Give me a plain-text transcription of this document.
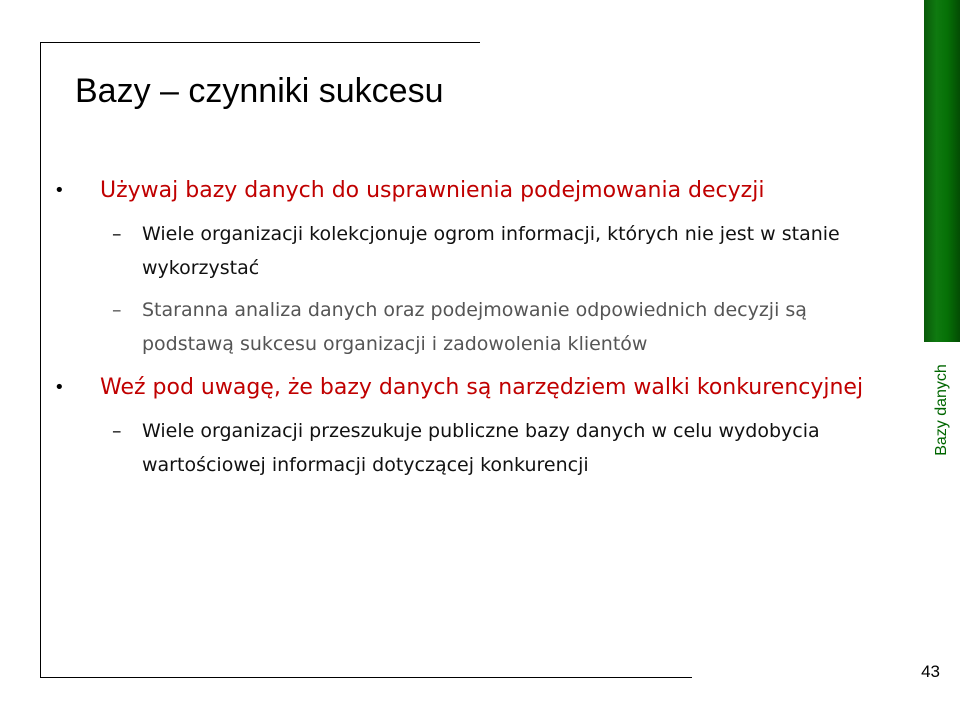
Bazy danych
Bazy – czynniki sukcesu
• Używaj bazy danych do usprawnienia podejmowania decyzji
– Wiele organizacji kolekcjonuje ogrom informacji, których nie jest w stanie wykorzystać
– Staranna analiza danych oraz podejmowanie odpowiednich decyzji są podstawą sukcesu organizacji i zadowolenia klientów
• Weź pod uwagę, że bazy danych są narzędziem walki konkurencyjnej
– Wiele organizacji przeszukuje publiczne bazy danych w celu wydobycia wartościowej informacji dotyczącej konkurencji
43
